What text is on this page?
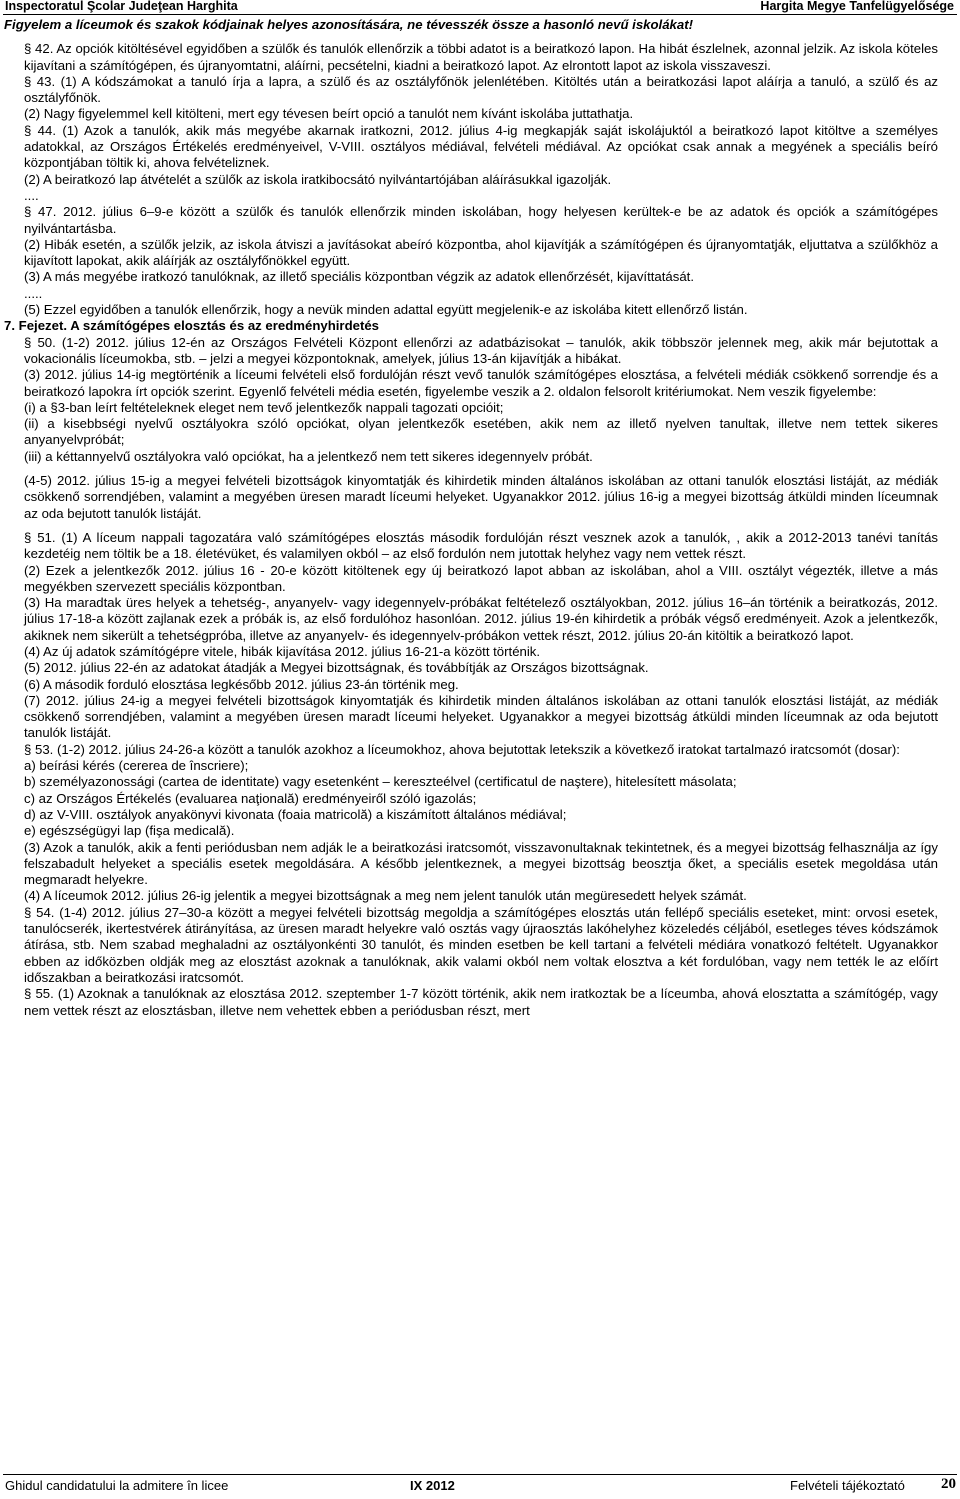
Inspectoratul Şcolar Judeţean Harghita	Hargita Megye Tanfelügyelősége

Figyelem a líceumok és szakok kódjainak helyes azonosítására, ne tévesszék össze a hasonló nevű iskolákat!

§ 42. Az opciók kitöltésével egyidőben a szülők és tanulók ellenőrzik a többi adatot is a beiratkozó lapon. Ha hibát észlelnek, azonnal jelzik. Az iskola köteles kijavítani a számítógépen, és újranyomtatni, aláírni, pecsételni, kiadni a beiratkozó lapot. Az elrontott lapot az iskola visszaveszi.

§ 43. (1) A kódszámokat a tanuló írja a lapra, a szülő és az osztályfőnök jelenlétében. Kitöltés után a beiratkozási lapot aláírja a tanuló, a szülő és az osztályfőnök.

(2) Nagy figyelemmel kell kitölteni, mert egy tévesen beírt opció a tanulót nem kívánt iskolába juttathatja.

§ 44. (1) Azok a tanulók, akik más megyébe akarnak iratkozni, 2012. július 4-ig megkapják saját iskolájuktól a beiratkozó lapot kitöltve a személyes adatokkal, az Országos Értékelés eredményeivel, V-VIII. osztályos médiával, felvételi médiával. Az opciókat csak annak a megyének a speciális beíró központjában töltik ki, ahova felvételiznek.

(2) A beiratkozó lap átvételét a szülők az iskola iratkibocsátó nyilvántartójában aláírásukkal igazolják.

....

§ 47. 2012. július 6–9-e között a szülők és tanulók ellenőrzik minden iskolában, hogy helyesen kerültek-e be az adatok és opciók a számítógépes nyilvántartásba.

(2) Hibák esetén, a szülők jelzik, az iskola átviszi a javításokat abeíró központba, ahol kijavítják a számítógépen és újranyomtatják, eljuttatva a szülőkhöz a kijavított lapokat, akik aláírják az osztályfőnökkel együtt.

(3) A más megyébe iratkozó tanulóknak, az illető speciális központban végzik az adatok ellenőrzését, kijavíttatását.

.....

(5) Ezzel egyidőben a tanulók ellenőrzik, hogy a nevük minden adattal együtt megjelenik-e az iskolába kitett ellenőrző listán.

7. Fejezet. A számítógépes elosztás és az eredményhirdetés

§ 50. (1-2) 2012. július 12-én az Országos Felvételi Központ ellenőrzi az adatbázisokat – tanulók, akik többször jelennek meg, akik már bejutottak a vokacionális líceumokba, stb. – jelzi a megyei központoknak, amelyek, július 13-án kijavítják a hibákat.

(3) 2012. július 14-ig megtörténik a líceumi felvételi első fordulóján részt vevő tanulók számítógépes elosztása, a felvételi médiák csökkenő sorrendje és a beiratkozó lapokra írt opciók szerint. Egyenlő felvételi média esetén, figyelembe veszik a 2. oldalon felsorolt kritériumokat. Nem veszik figyelembe:

(i) a §3-ban leírt feltételeknek eleget nem tevő jelentkezők nappali tagozati opcióit;

(ii) a kisebbségi nyelvű osztályokra szóló opciókat, olyan jelentkezők esetében, akik nem az illető nyelven tanultak, illetve nem tettek sikeres anyanyelvpróbát;

(iii) a kéttannyelvű osztályokra való opciókat, ha a jelentkező nem tett sikeres idegennyelv próbát.

(4-5) 2012. július 15-ig a megyei felvételi bizottságok kinyomtatják és kihirdetik minden általános iskolában az ottani tanulók elosztási listáját, az médiák csökkenő sorrendjében, valamint a megyében üresen maradt líceumi helyeket. Ugyanakkor 2012. július 16-ig a megyei bizottság átküldi minden líceumnak az oda bejutott tanulók listáját.

§ 51. (1) A líceum nappali tagozatára való számítógépes elosztás második fordulóján részt vesznek azok a tanulók, , akik a 2012-2013 tanévi tanítás kezdetéig nem töltik be a 18. életévüket, és valamilyen okból – az első fordulón nem jutottak helyhez vagy nem vettek részt.

(2) Ezek a jelentkezők 2012. július 16 - 20-e között kitöltenek egy új beiratkozó lapot abban az iskolában, ahol a VIII. osztályt végezték, illetve a más megyékben szervezett speciális központban.

(3) Ha maradtak üres helyek a tehetség-, anyanyelv- vagy idegennyelv-próbákat feltételező osztályokban, 2012. július 16–án történik a beiratkozás, 2012. július 17-18-a között zajlanak ezek a próbák is, az első fordulóhoz hasonlóan. 2012. július 19-én kihirdetik a próbák végső eredményeit. Azok a jelentkezők, akiknek nem sikerült a tehetségpróba, illetve az anyanyelv- és idegennyelv-próbákon vettek részt, 2012. július 20-án kitöltik a beiratkozó lapot.

(4) Az új adatok számítógépre vitele, hibák kijavítása 2012. július 16-21-a között történik.

(5) 2012. július 22-én az adatokat átadják a Megyei bizottságnak, és továbbítják az Országos bizottságnak.

(6) A második forduló elosztása legkésőbb 2012. július 23-án történik meg.

(7) 2012. július 24-ig a megyei felvételi bizottságok kinyomtatják és kihirdetik minden általános iskolában az ottani tanulók elosztási listáját, az médiák csökkenő sorrendjében, valamint a megyében üresen maradt líceumi helyeket. Ugyanakkor a megyei bizottság átküldi minden líceumnak az oda bejutott tanulók listáját.

§ 53. (1-2) 2012. július 24-26-a között a tanulók azokhoz a líceumokhoz, ahova bejutottak letekszik a következő iratokat tartalmazó iratcsomót (dosar):

a) beírási kérés (cererea de înscriere);

b) személyazonossági (cartea de identitate) vagy esetenként – kereszteélvel (certificatul de naştere), hitelesített másolata;

c) az Országos Értékelés (evaluarea naţională) eredményeiről szóló igazolás;

d) az V-VIII. osztályok anyakönyvi kivonata (foaia matricolă) a kiszámított általános médiával;

e) egészségügyi lap (fişa medicală).

(3) Azok a tanulók, akik a fenti periódusban nem adják le a beiratkozási iratcsomót, visszavonultaknak tekintetnek, és a megyei bizottság felhasználja az így felszabadult helyeket a speciális esetek megoldására. A később jelentkeznek, a megyei bizottság beosztja őket, a speciális esetek megoldása után megmaradt helyekre.

(4) A líceumok 2012. július 26-ig jelentik a megyei bizottságnak a meg nem jelent tanulók után megüresedett helyek számát.

§ 54. (1-4) 2012. július 27–30-a között a megyei felvételi bizottság megoldja a számítógépes elosztás után fellépő speciális eseteket, mint: orvosi esetek, tanulócserék, ikertestvérek átirányítása, az üresen maradt helyekre való osztás vagy újraosztás lakóhelyhez közeledés céljából, esetleges téves kódszámok átírása, stb. Nem szabad meghaladni az osztályonkénti 30 tanulót, és minden esetben be kell tartani a felvételi médiára vonatkozó feltételt. Ugyanakkor ebben az időközben oldják meg az elosztást azoknak a tanulóknak, akik valami okból nem voltak elosztva a két fordulóban, vagy nem tették le az előírt időszakban a beiratkozási iratcsomót.

§ 55. (1) Azoknak a tanulóknak az elosztása 2012. szeptember 1-7 között történik, akik nem iratkoztak be a líceumba, ahová elosztatta a számítógép, vagy nem vettek részt az elosztásban, illetve nem vehettek ebben a periódusban részt, mert

Ghidul candidatului la admitere în licee	IX 2012	Felvételi tájékoztató 20
